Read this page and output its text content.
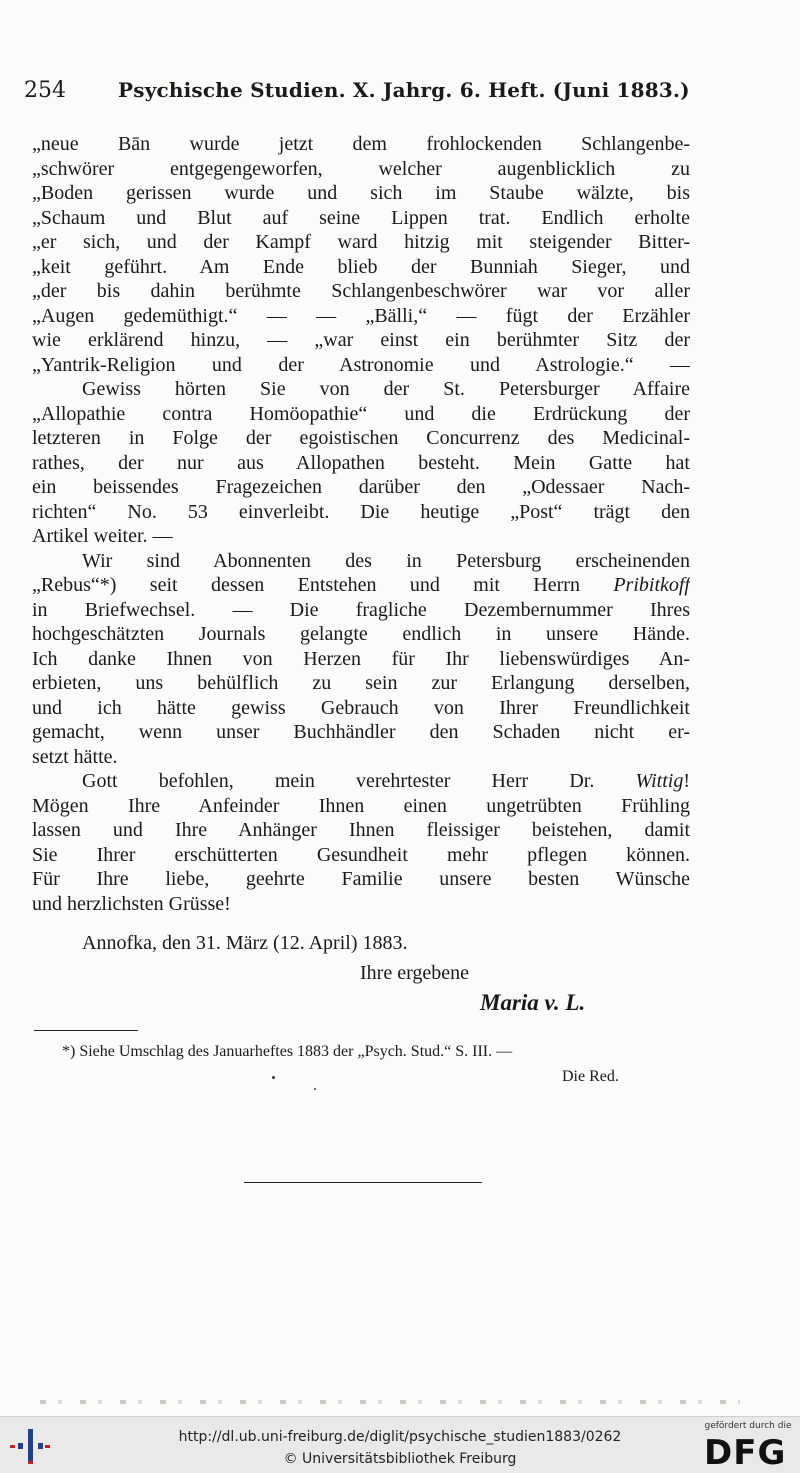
254	Psychische Studien. X. Jahrg. 6. Heft. (Juni 1883.)
„neue Bān wurde jetzt dem frohlockenden Schlangenbe-
„schwörer entgegengeworfen, welcher augenblicklich zu
„Boden gerissen wurde und sich im Staube wälzte, bis
„Schaum und Blut auf seine Lippen trat. Endlich erholte
„er sich, und der Kampf ward hitzig mit steigender Bitter-
„keit geführt. Am Ende blieb der Bunniah Sieger, und
„der bis dahin berühmte Schlangenbeschwörer war vor aller
„Augen gedemüthigt.“ — — „Bälli,“ — fügt der Erzähler
wie erklärend hinzu, — „war einst ein berühmter Sitz der
„Yantrik-Religion und der Astronomie und Astrologie.“ —
Gewiss hörten Sie von der St. Petersburger Affaire
„Allopathie contra Homöopathie“ und die Erdrückung der
letzteren in Folge der egoistischen Concurrenz des Medicinal-
rathes, der nur aus Allopathen besteht. Mein Gatte hat
ein beissendes Fragezeichen darüber den „Odessaer Nach-
richten“ No. 53 einverleibt. Die heutige „Post“ trägt den
Artikel weiter. —
Wir sind Abonnenten des in Petersburg erscheinenden
„Rebus“*) seit dessen Entstehen und mit Herrn Pribitkoff
in Briefwechsel. — Die fragliche Dezembernummer Ihres
hochgeschätzten Journals gelangte endlich in unsere Hände.
Ich danke Ihnen von Herzen für Ihr liebenswürdiges An-
erbieten, uns behülflich zu sein zur Erlangung derselben,
und ich hätte gewiss Gebrauch von Ihrer Freundlichkeit
gemacht, wenn unser Buchhändler den Schaden nicht er-
setzt hätte.
Gott befohlen, mein verehrtester Herr Dr. Wittig!
Mögen Ihre Anfeinder Ihnen einen ungetrübten Frühling
lassen und Ihre Anhänger Ihnen fleissiger beistehen, damit
Sie Ihrer erschütterten Gesundheit mehr pflegen können.
Für Ihre liebe, geehrte Familie unsere besten Wünsche
und herzlichsten Grüsse!
Annofka, den 31. März (12. April) 1883.
Ihre ergebene
Maria v. L.
*) Siehe Umschlag des Januarheftes 1883 der „Psych. Stud.“ S. III. —
Die Red.
http://dl.ub.uni-freiburg.de/diglit/psychische_studien1883/0262
© Universitätsbibliothek Freiburg
gefördert durch die
DFG
